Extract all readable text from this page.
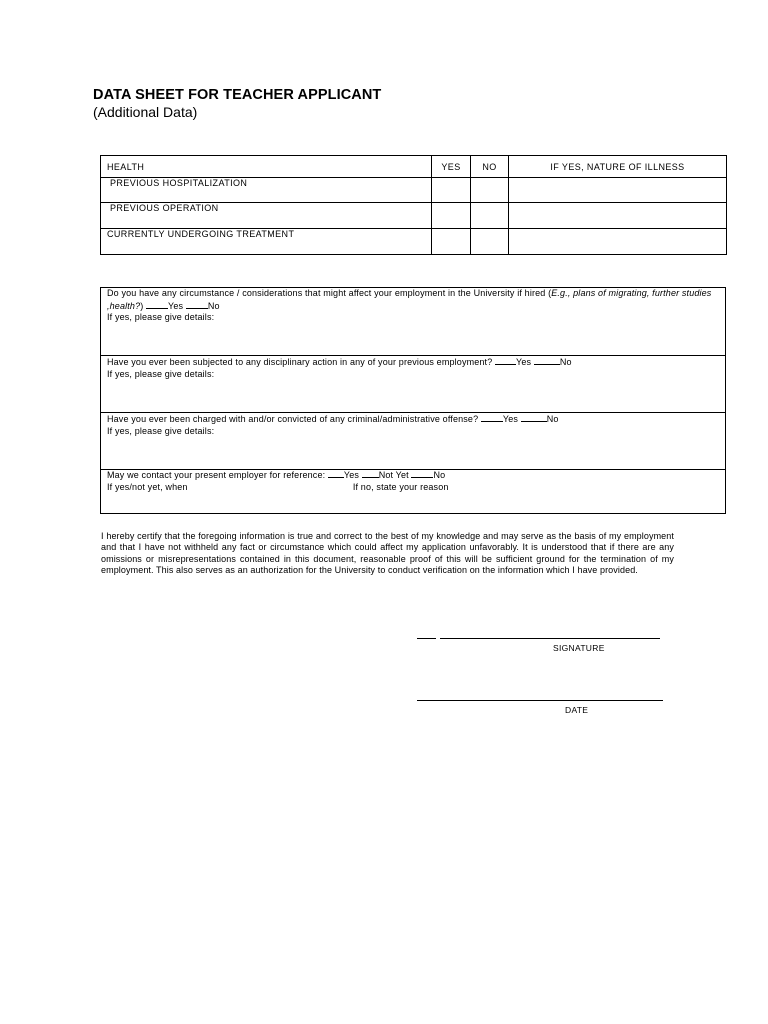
DATA SHEET FOR TEACHER APPLICANT
(Additional Data)
HEALTH	YES	NO	IF YES, NATURE OF ILLNESS
PREVIOUS HOSPITALIZATION			
PREVIOUS OPERATION			
CURRENTLY UNDERGOING TREATMENT			
Do you have any circumstance / considerations that might affect your employment in the University if hired (E.g., plans of migrating, further studies ,health?)	Yes	No
If yes, please give details:
Have you ever been subjected to any disciplinary action in any of your previous employment?	Yes	No
If yes, please give details:
Have you ever been charged with and/or convicted of any criminal/administrative offense?	Yes	No
If yes, please give details:
May we contact your present employer for reference: Yes Not Yet	No
If yes/not yet, when	If no, state your reason
I hereby certify that the foregoing information is true and correct to the best of my knowledge and may serve as the basis of my employment and that I have not withheld any fact or circumstance which could affect my application unfavorably. It is understood that if there are any omissions or misrepresentations contained in this document, reasonable proof of this will be sufficient ground for the termination of my employment. This also serves as an authorization for the University to conduct verification on the information which I have provided.
SIGNATURE
DATE
